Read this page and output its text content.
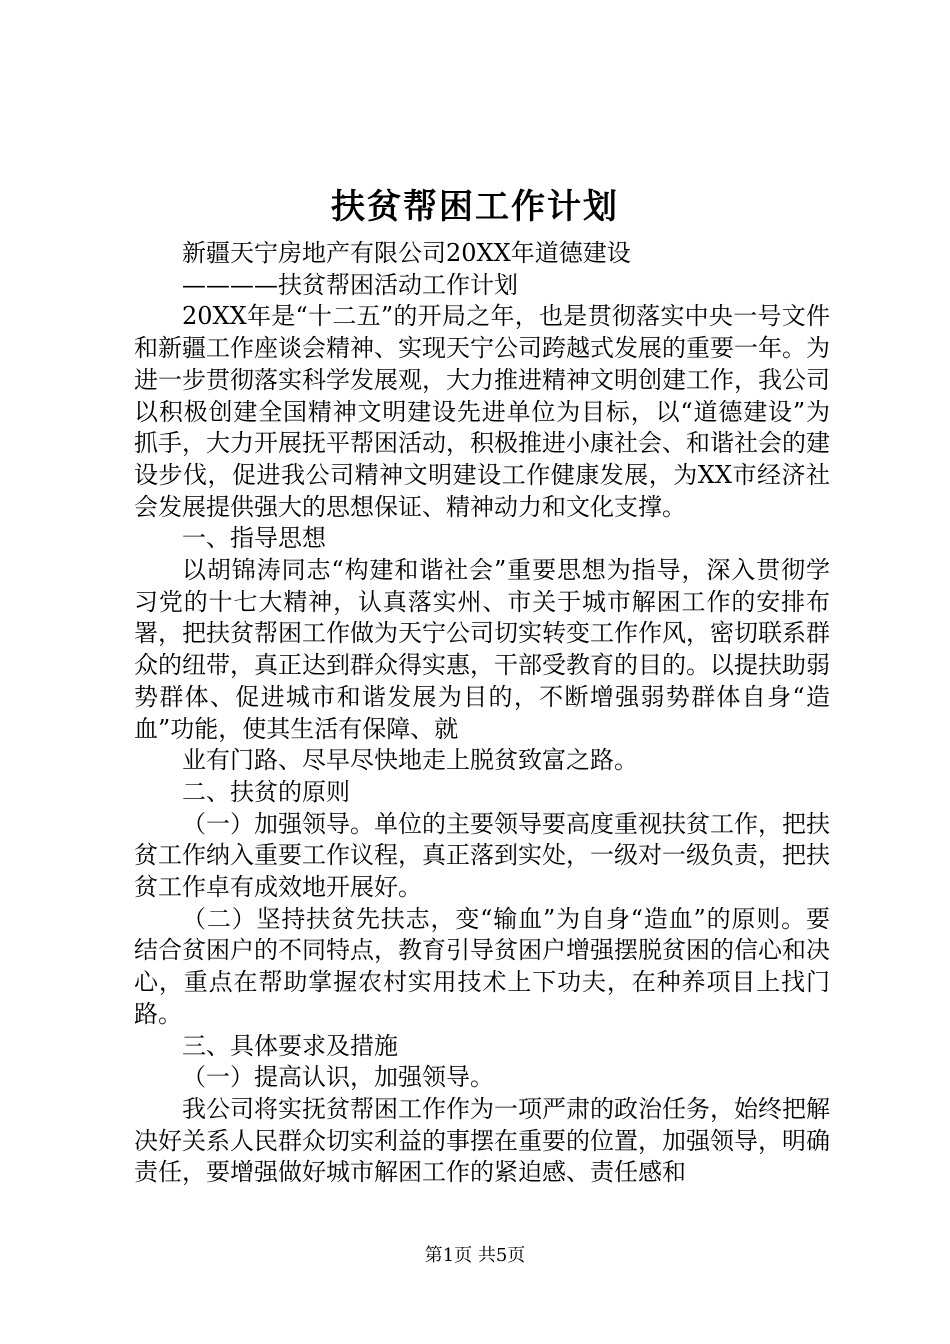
扶贫帮困工作计划

新疆天宁房地产有限公司20XX年道德建设

————扶贫帮困活动工作计划

20XX年是“十二五”的开局之年，也是贯彻落实中央一号文件和新疆工作座谈会精神、实现天宁公司跨越式发展的重要一年。为进一步贯彻落实科学发展观，大力推进精神文明创建工作，我公司以积极创建全国精神文明建设先进单位为目标，以“道德建设”为抓手，大力开展抚平帮困活动，积极推进小康社会、和谐社会的建设步伐，促进我公司精神文明建设工作健康发展，为XX市经济社会发展提供强大的思想保证、精神动力和文化支撑。

一、指导思想

以胡锦涛同志“构建和谐社会”重要思想为指导，深入贯彻学习党的十七大精神，认真落实州、市关于城市解困工作的安排布署，把扶贫帮困工作做为天宁公司切实转变工作作风，密切联系群众的纽带，真正达到群众得实惠，干部受教育的目的。以提扶助弱势群体、促进城市和谐发展为目的，不断增强弱势群体自身“造血”功能，使其生活有保障、就

业有门路、尽早尽快地走上脱贫致富之路。

二、扶贫的原则

（一）加强领导。单位的主要领导要高度重视扶贫工作，把扶贫工作纳入重要工作议程，真正落到实处，一级对一级负责，把扶贫工作卓有成效地开展好。

（二）坚持扶贫先扶志，变“输血”为自身“造血”的原则。要结合贫困户的不同特点，教育引导贫困户增强摆脱贫困的信心和决心，重点在帮助掌握农村实用技术上下功夫，在种养项目上找门路。

三、具体要求及措施

（一）提高认识，加强领导。

我公司将实抚贫帮困工作作为一项严肃的政治任务，始终把解决好关系人民群众切实利益的事摆在重要的位置，加强领导，明确责任，要增强做好城市解困工作的紧迫感、责任感和

第1页 共5页
